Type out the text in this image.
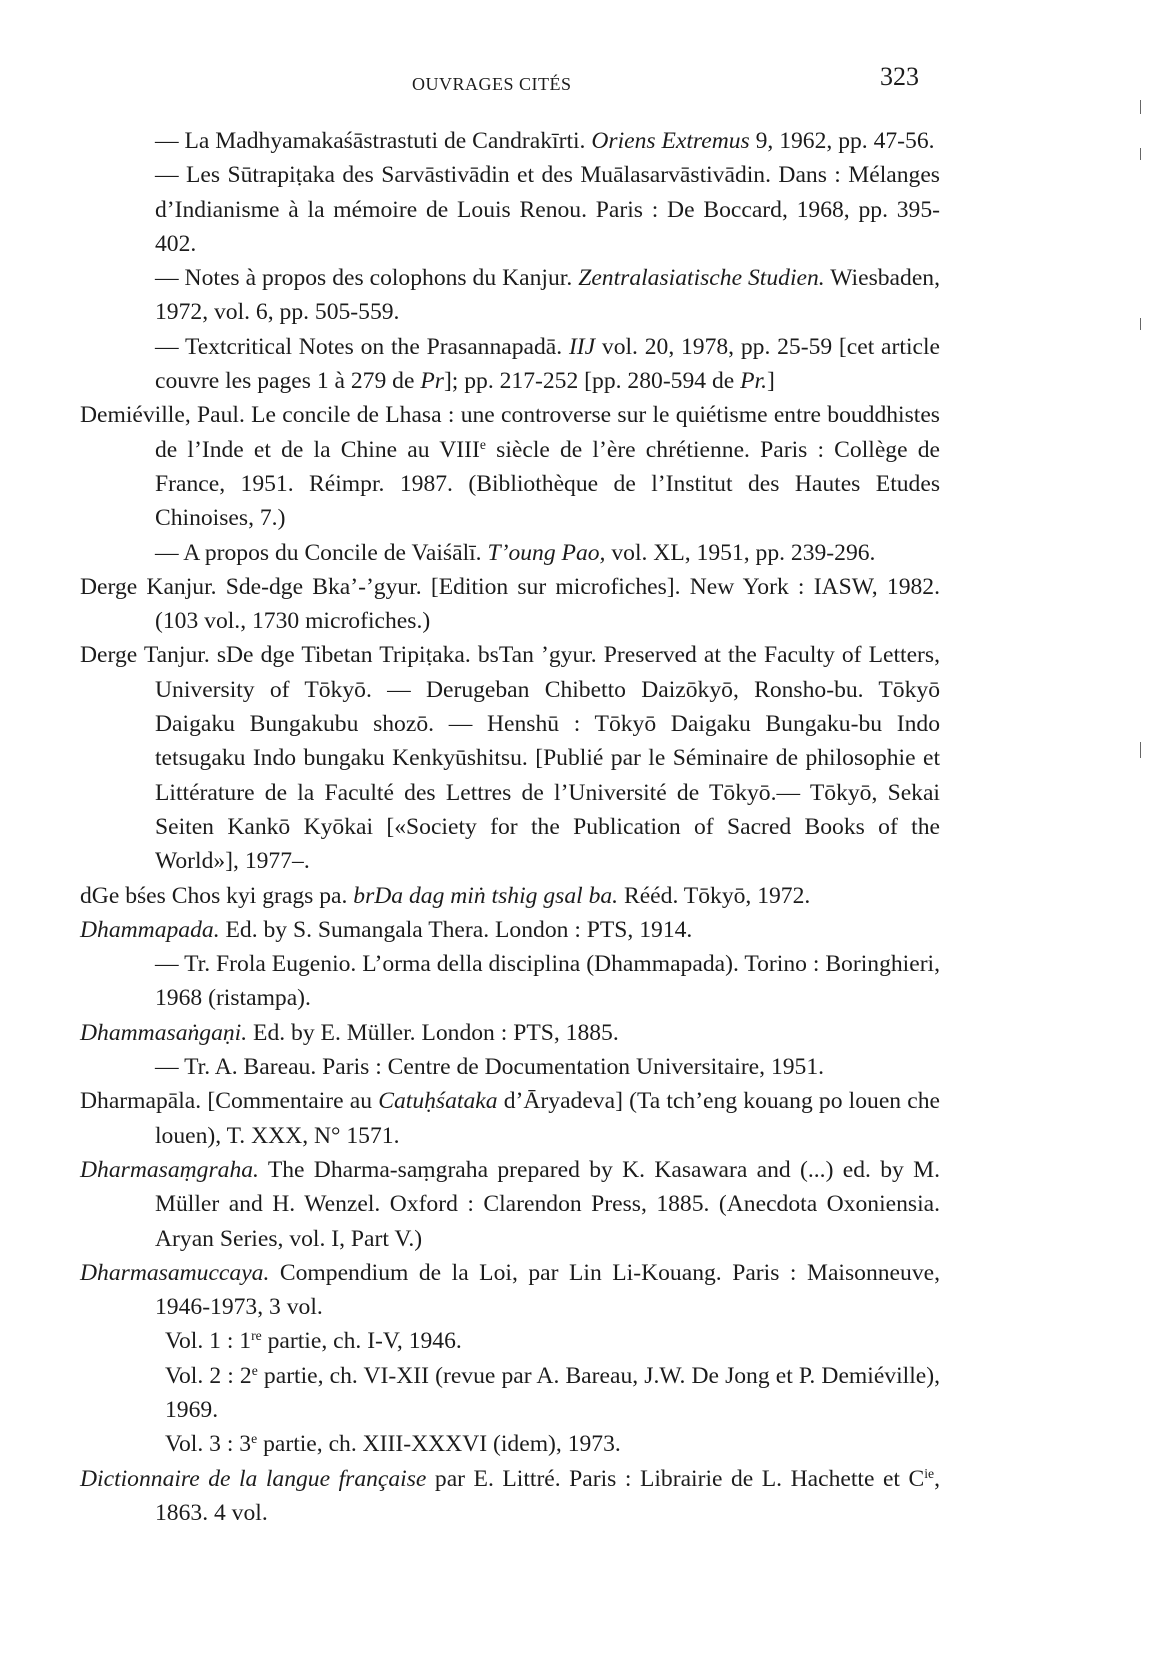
OUVRAGES CITÉS	323

— La Madhyamakaśāstrastuti de Candrakīrti. Oriens Extremus 9, 1962, pp. 47-56.

— Les Sūtrapiṭaka des Sarvāstivādin et des Muālasarvāstivādin. Dans : Mélanges d’Indianisme à la mémoire de Louis Renou. Paris : De Boccard, 1968, pp. 395-402.

— Notes à propos des colophons du Kanjur. Zentralasiatische Studien. Wiesbaden, 1972, vol. 6, pp. 505-559.

— Textcritical Notes on the Prasannapadā. IIJ vol. 20, 1978, pp. 25-59 [cet article couvre les pages 1 à 279 de Pr]; pp. 217-252 [pp. 280-594 de Pr.]

Demiéville, Paul. Le concile de Lhasa : une controverse sur le quiétisme entre bouddhistes de l’Inde et de la Chine au VIIIe siècle de l’ère chrétienne. Paris : Collège de France, 1951. Réimpr. 1987. (Bibliothèque de l’Institut des Hautes Etudes Chinoises, 7.)

— A propos du Concile de Vaiśālī. T’oung Pao, vol. XL, 1951, pp. 239-296.

Derge Kanjur. Sde-dge Bka’-’gyur. [Edition sur microfiches]. New York : IASW, 1982. (103 vol., 1730 microfiches.)

Derge Tanjur. sDe dge Tibetan Tripiṭaka. bsTan ’gyur. Preserved at the Faculty of Letters, University of Tōkyō. — Derugeban Chibetto Daizōkyō, Ronsho-bu. Tōkyō Daigaku Bungakubu shozō. — Henshū : Tōkyō Daigaku Bungaku-bu Indo tetsugaku Indo bungaku Kenkyūshitsu. [Publié par le Séminaire de philosophie et Littérature de la Faculté des Lettres de l’Université de Tōkyō.— Tōkyō, Sekai Seiten Kankō Kyōkai [«Society for the Publication of Sacred Books of the World»], 1977–.

dGe bśes Chos kyi grags pa. brDa dag miṅ tshig gsal ba. Rééd. Tōkyō, 1972.

Dhammapada. Ed. by S. Sumangala Thera. London : PTS, 1914.

— Tr. Frola Eugenio. L’orma della disciplina (Dhammapada). Torino : Boringhieri, 1968 (ristampa).

Dhammasaṅgaṇi. Ed. by E. Müller. London : PTS, 1885.

— Tr. A. Bareau. Paris : Centre de Documentation Universitaire, 1951.

Dharmapāla. [Commentaire au Catuḥśataka d’Āryadeva] (Ta tch’eng kouang po louen che louen), T. XXX, N° 1571.

Dharmasaṃgraha. The Dharma-saṃgraha prepared by K. Kasawara and (...) ed. by M. Müller and H. Wenzel. Oxford : Clarendon Press, 1885. (Anecdota Oxoniensia. Aryan Series, vol. I, Part V.)

Dharmasamuccaya. Compendium de la Loi, par Lin Li-Kouang. Paris : Maisonneuve, 1946-1973, 3 vol.

Vol. 1 : 1re partie, ch. I-V, 1946.

Vol. 2 : 2e partie, ch. VI-XII (revue par A. Bareau, J.W. De Jong et P. Demiéville), 1969.

Vol. 3 : 3e partie, ch. XIII-XXXVI (idem), 1973.

Dictionnaire de la langue française par E. Littré. Paris : Librairie de L. Hachette et $C^{ie}$, 1863. 4 vol.
